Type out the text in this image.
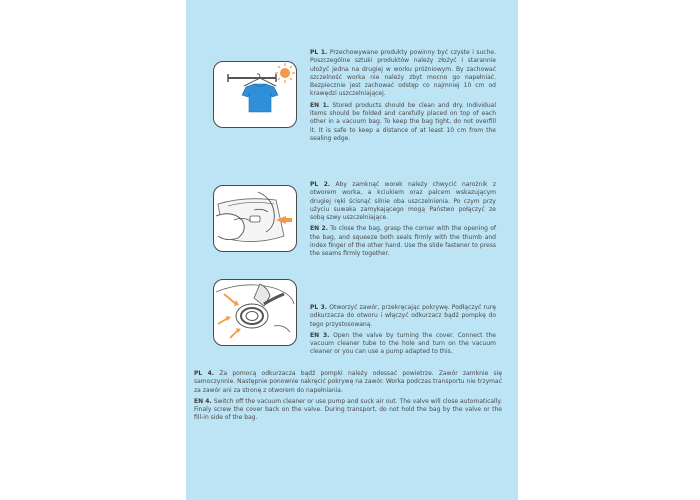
PL 1. Przechowywane produkty powinny być czyste i suche. Poszczególne sztuki produktów należy złożyć i starannie ułożyć jedna na drugiej w worku próżniowym. By zachować szczelność worka nie należy zbyt mocno go napełniać. Bezpiecznie jest zachować odstęp co najmniej 10 cm od krawędzi uszczelniającej.

EN 1. Stored products should be clean and dry. Individual items should be folded and carefully placed on top of each other in a vacuum bag. To keep the bag tight, do not overfill it. It is safe to keep a distance of at least 10 cm from the sealing edge.

PL 2. Aby zamknąć worek należy chwycić narożnik z otworem worka, a kciukiem oraz palcem wskazującym drugiej ręki ścisnąć silnie oba uszczelnienia. Po czym przy użyciu suwaka zamykającego mogą Państwo połączyć ze sobą szwy uszczelniające.

EN 2. To close the bag, grasp the corner with the opening of the bag, and squeeze both seals firmly with the thumb and index finger of the other hand. Use the slide fastener to press the seams firmly together.

PL 3. Otworzyć zawór, przekręcając pokrywę. Podłączyć rurę odkurzacza do otworu i włączyć odkurzacz bądź pompkę do tego przystosowaną.

EN 3. Open the valve by turning the cover. Connect the vacuum cleaner tube to the hole and turn on the vacuum cleaner or you can use a pump adapted to this.

PL 4. Za pomocą odkurzacza bądź pompki należy odessać powietrze. Zawór zamknie się samoczynnie. Następnie ponownie nakręcić pokrywę na zawór. Worka podczas transportu nie trzymać za zawór ani za stronę z otworem do napełniania.

EN 4. Switch off the vacuum cleaner or use pump and suck air out. The valve will close automatically. Finaly screw the cover back on the valve. During transport, do not hold the bag by the valve or the fill-in side of the bag.
